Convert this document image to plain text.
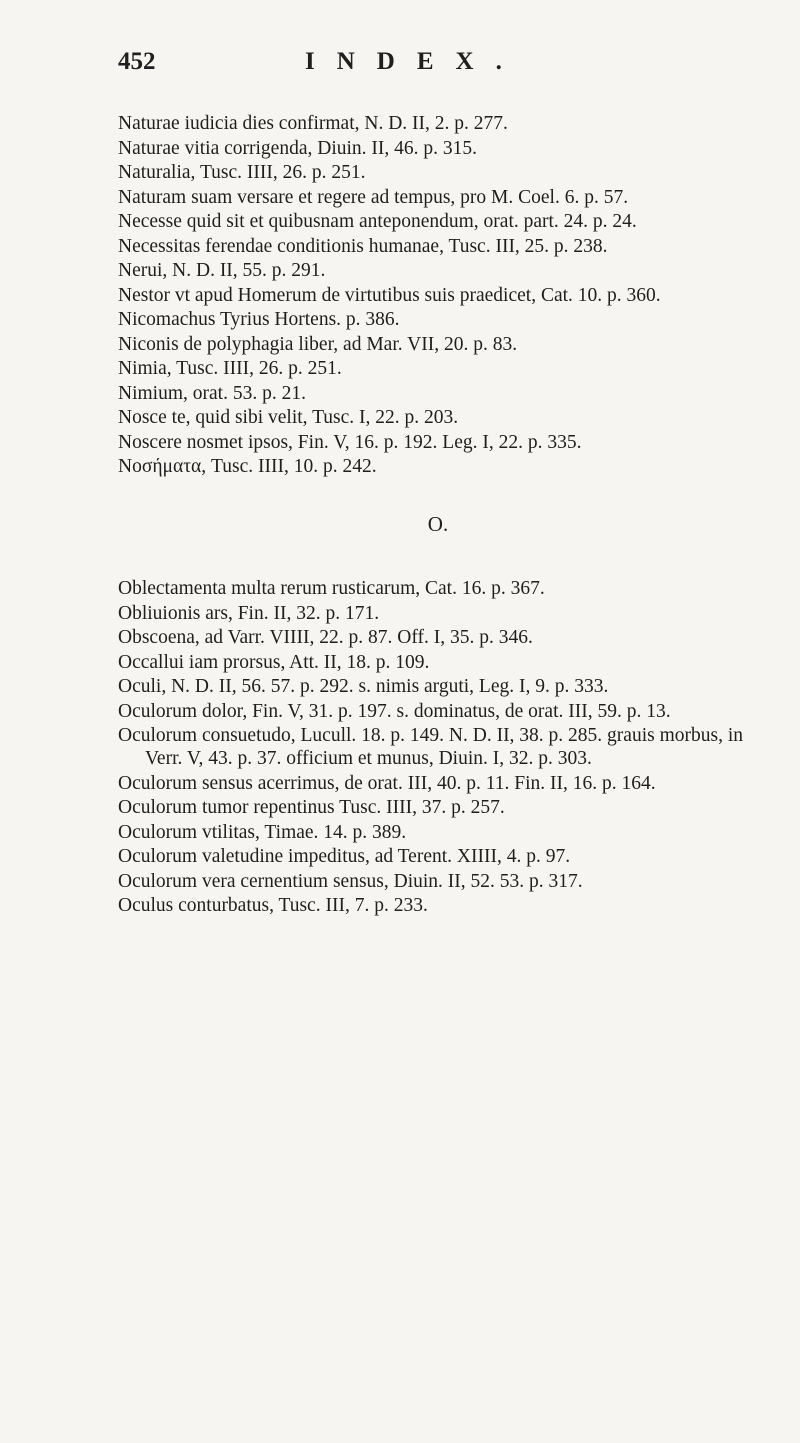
452	INDEX.

Naturae iudicia dies confirmat, N. D. II, 2. p. 277.

Naturae vitia corrigenda, Diuin. II, 46. p. 315.

Naturalia, Tusc. IIII, 26. p. 251.

Naturam suam versare et regere ad tempus, pro M. Coel. 6. p. 57.

Necesse quid sit et quibusnam anteponendum, orat. part. 24. p. 24.

Necessitas ferendae conditionis humanae, Tusc. III, 25. p. 238.

Nerui, N. D. II, 55. p. 291.

Nestor vt apud Homerum de virtutibus suis praedicet, Cat. 10. p. 360.

Nicomachus Tyrius Hortens. p. 386.

Niconis de polyphagia liber, ad Mar. VII, 20. p. 83.

Nimia, Tusc. IIII, 26. p. 251.

Nimium, orat. 53. p. 21.

Nosce te, quid sibi velit, Tusc. I, 22. p. 203.

Noscere nosmet ipsos, Fin. V, 16. p. 192. Leg. I, 22. p. 335.

Νοσήματα, Tusc. IIII, 10. p. 242.

O.

Oblectamenta multa rerum rusticarum, Cat. 16. p. 367.

Obliuionis ars, Fin. II, 32. p. 171.

Obscoena, ad Varr. VIIII, 22. p. 87. Off. I, 35. p. 346.

Occallui iam prorsus, Att. II, 18. p. 109.

Oculi, N. D. II, 56. 57. p. 292. s. nimis arguti, Leg. I, 9. p. 333.

Oculorum dolor, Fin. V, 31. p. 197. s. dominatus, de orat. III, 59. p. 13.

Oculorum consuetudo, Lucull. 18. p. 149. N. D. II, 38. p. 285. grauis morbus, in Verr. V, 43. p. 37. officium et munus, Diuin. I, 32. p. 303.

Oculorum sensus acerrimus, de orat. III, 40. p. 11. Fin. II, 16. p. 164.

Oculorum tumor repentinus Tusc. IIII, 37. p. 257.

Oculorum vtilitas, Timae. 14. p. 389.

Oculorum valetudine impeditus, ad Terent. XIIII, 4. p. 97.

Oculorum vera cernentium sensus, Diuin. II, 52. 53. p. 317.

Oculus conturbatus, Tusc. III, 7. p. 233.
